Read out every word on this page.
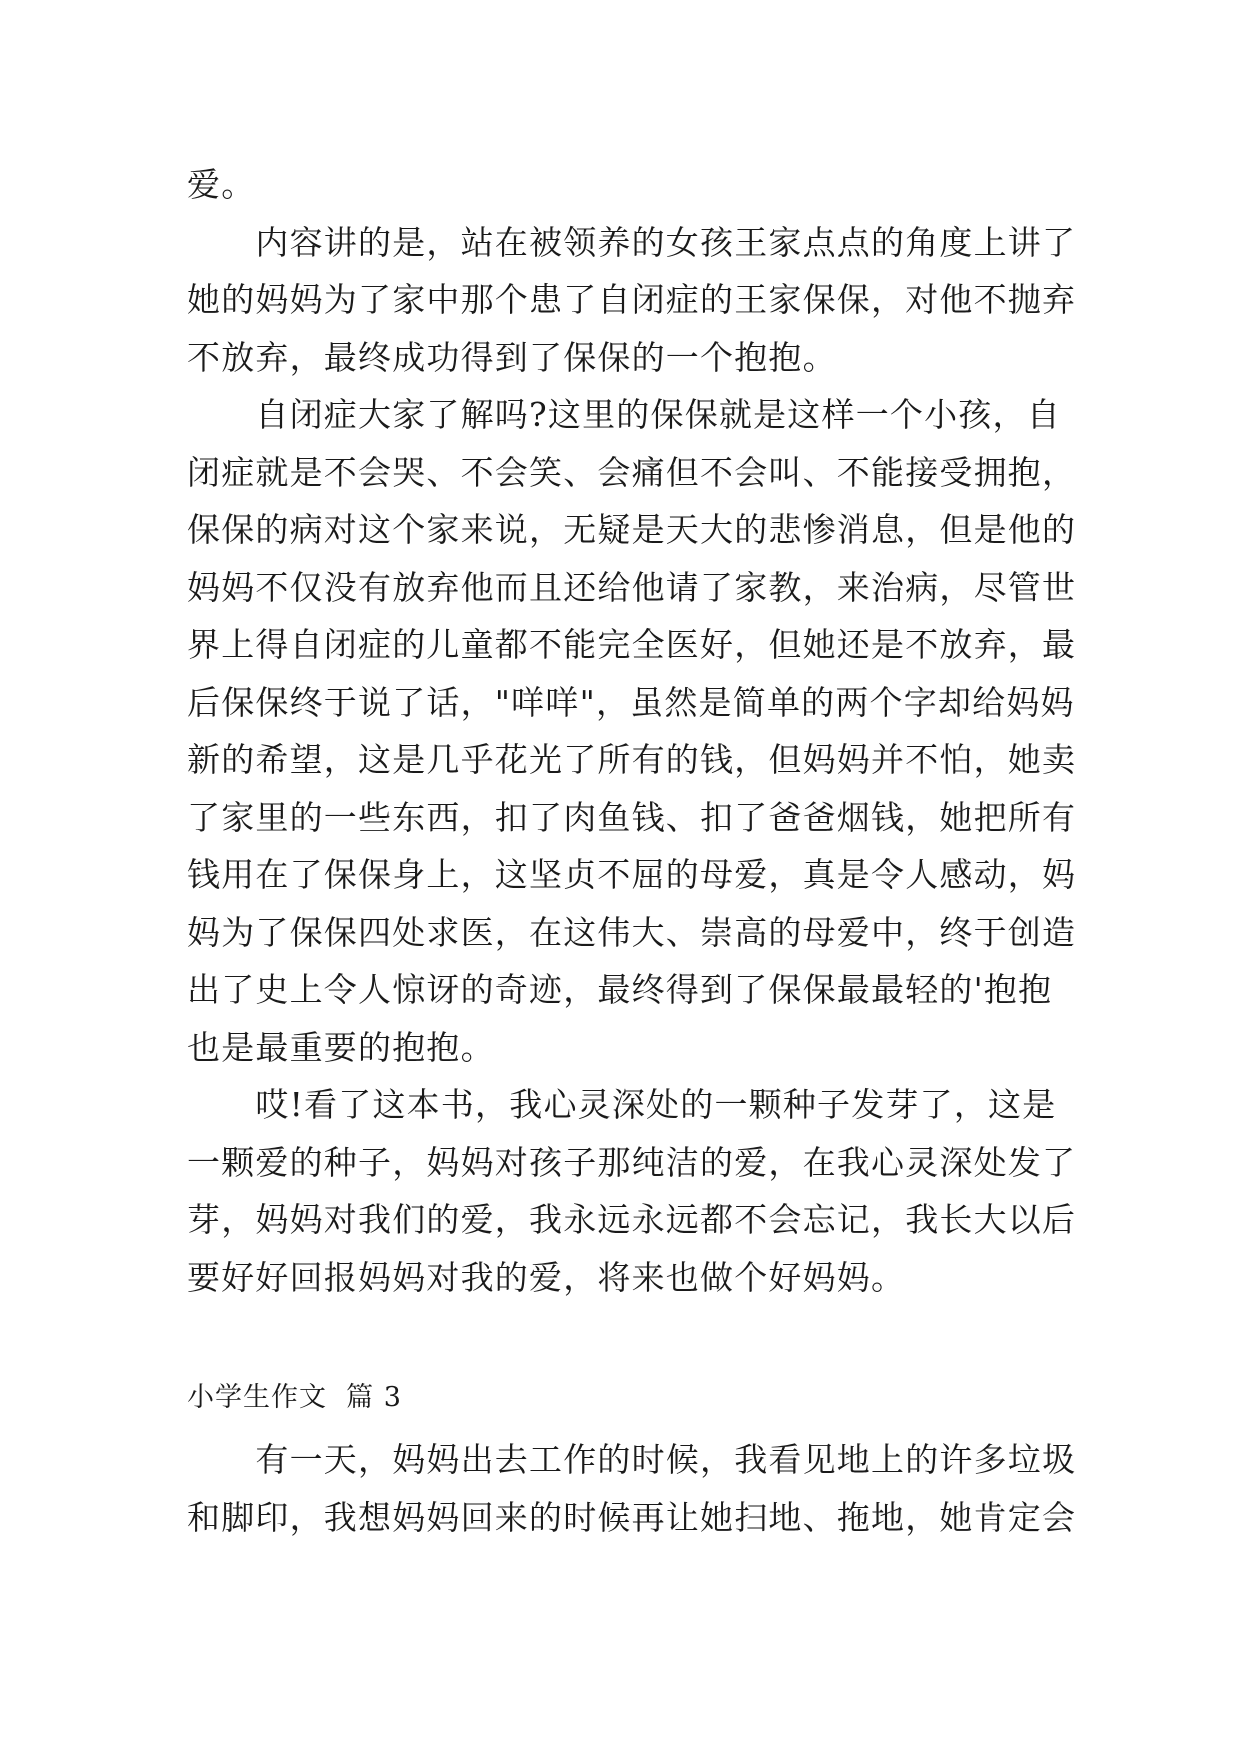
爱。
　　内容讲的是，站在被领养的女孩王家点点的角度上讲了
她的妈妈为了家中那个患了自闭症的王家保保，对他不抛弃
不放弃，最终成功得到了保保的一个抱抱。
　　自闭症大家了解吗?这里的保保就是这样一个小孩，自
闭症就是不会哭、不会笑、会痛但不会叫、不能接受拥抱，
保保的病对这个家来说，无疑是天大的悲惨消息，但是他的
妈妈不仅没有放弃他而且还给他请了家教，来治病，尽管世
界上得自闭症的儿童都不能完全医好，但她还是不放弃，最
后保保终于说了话，"咩咩"，虽然是简单的两个字却给妈妈
新的希望，这是几乎花光了所有的钱，但妈妈并不怕，她卖
了家里的一些东西，扣了肉鱼钱、扣了爸爸烟钱，她把所有
钱用在了保保身上，这坚贞不屈的母爱，真是令人感动，妈
妈为了保保四处求医，在这伟大、崇高的母爱中，终于创造
出了史上令人惊讶的奇迹，最终得到了保保最最轻的'抱抱
也是最重要的抱抱。
　　哎!看了这本书，我心灵深处的一颗种子发芽了，这是
一颗爱的种子，妈妈对孩子那纯洁的爱，在我心灵深处发了
芽，妈妈对我们的爱，我永远永远都不会忘记，我长大以后
要好好回报妈妈对我的爱，将来也做个好妈妈。
小学生作文  篇 3
　　有一天，妈妈出去工作的时候，我看见地上的许多垃圾
和脚印，我想妈妈回来的时候再让她扫地、拖地，她肯定会
